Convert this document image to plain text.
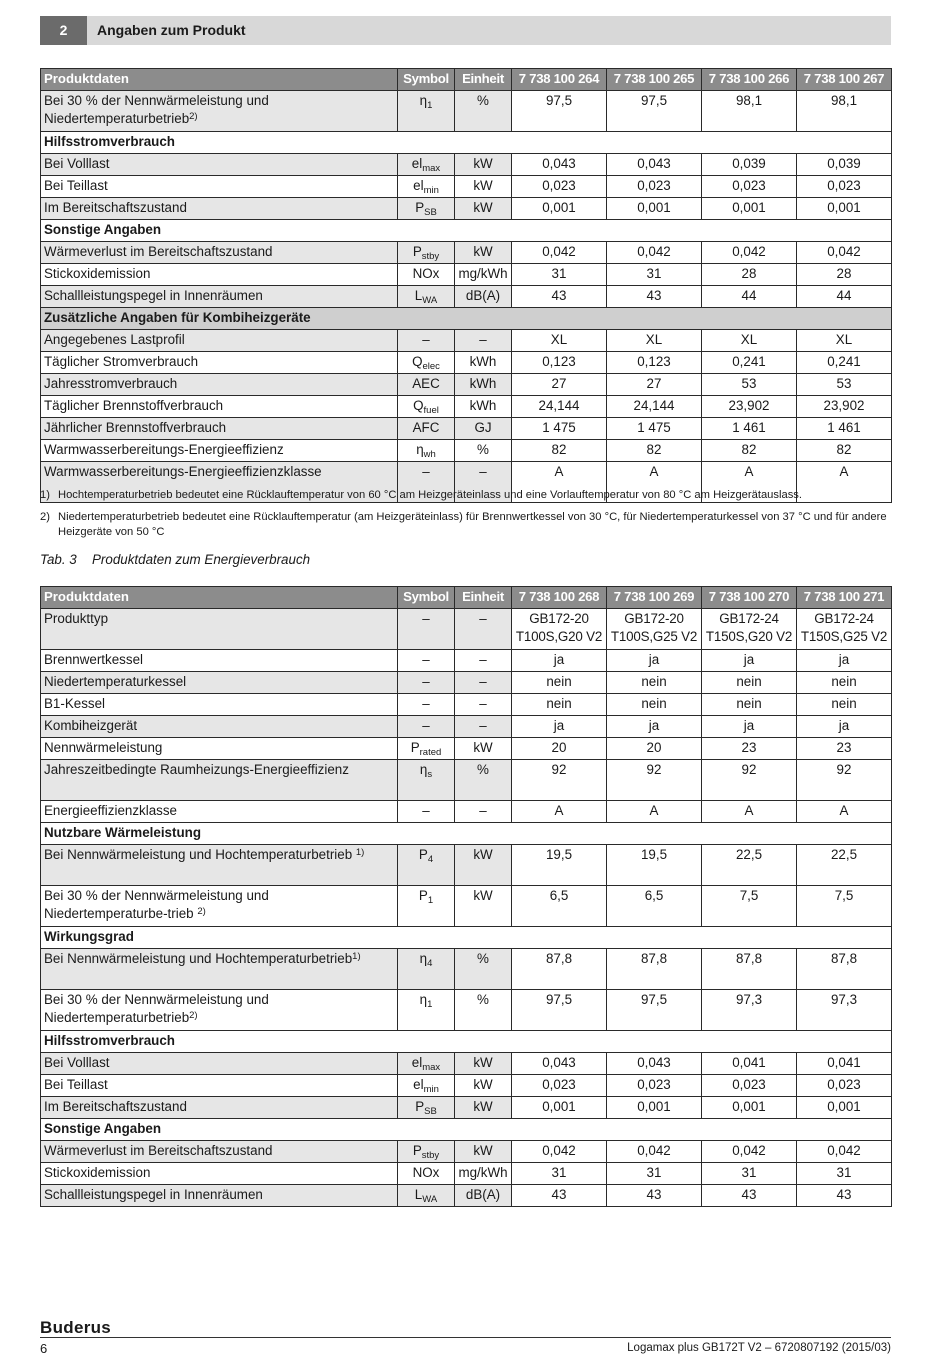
2	Angaben zum Produkt
Produktdaten	Symbol	Einheit	7 738 100 264	7 738 100 265	7 738 100 266	7 738 100 267
Bei 30 % der Nennwärmeleistung und Niedertemperaturbetrieb$^{2)}$	$\eta_1$	%	97,5	97,5	98,1	98,1
Hilfsstromverbrauch						
Bei Volllast	$el_{max}$	kW	0,043	0,043	0,039	0,039
Bei Teillast	$el_{min}$	kW	0,023	0,023	0,023	0,023
Im Bereitschaftszustand	$P_{SB}$	kW	0,001	0,001	0,001	0,001
Sonstige Angaben						
Wärmeverlust im Bereitschaftszustand	$P_{stby}$	kW	0,042	0,042	0,042	0,042
Stickoxidemission	NOx	mg/kWh	31	31	28	28
Schallleistungspegel in Innenräumen	$L_{WA}$	dB(A)	43	43	44	44
Zusätzliche Angaben für Kombiheizgeräte						
Angegebenes Lastprofil	–	–	XL	XL	XL	XL
Täglicher Stromverbrauch	$Q_{elec}$	kWh	0,123	0,123	0,241	0,241
Jahresstromverbrauch	AEC	kWh	27	27	53	53
Täglicher Brennstoffverbrauch	$Q_{fuel}$	kWh	24,144	24,144	23,902	23,902
Jährlicher Brennstoffverbrauch	AFC	GJ	1 475	1 475	1 461	1 461
Warmwasserbereitungs-Energieeffizienz	$\eta_{wh}$	%	82	82	82	82
Warmwasserbereitungs-Energieeffizienzklasse	–	–	A	A	A	A
1) Hochtemperaturbetrieb bedeutet eine Rücklauftemperatur von 60 °C am Heizgeräteinlass und eine Vorlauftemperatur von 80 °C am Heizgerätauslass.
2) Niedertemperaturbetrieb bedeutet eine Rücklauftemperatur (am Heizgeräteinlass) für Brennwertkessel von 30 °C, für Niedertemperaturkessel von 37 °C und für andere Heizgeräte von 50 °C
Tab. 3 Produktdaten zum Energieverbrauch
Produktdaten	Symbol	Einheit	7 738 100 268	7 738 100 269	7 738 100 270	7 738 100 271
Produkttyp	–	–	GB172-20 T100S,G20 V2	GB172-20 T100S,G25 V2	GB172-24 T150S,G20 V2	GB172-24 T150S,G25 V2
Brennwertkessel	–	–	ja	ja	ja	ja
Niedertemperaturkessel	–	–	nein	nein	nein	nein
B1-Kessel	–	–	nein	nein	nein	nein
Kombiheizgerät	–	–	ja	ja	ja	ja
Nennwärmeleistung	$P_{rated}$	kW	20	20	23	23
Jahreszeitbedingte Raumheizungs-Energieeffizienz	$\eta_s$	%	92	92	92	92
Energieeffizienzklasse	–	–	A	A	A	A
Nutzbare Wärmeleistung						
Bei Nennwärmeleistung und Hochtemperaturbetrieb $^{1)}$	$P_4$	kW	19,5	19,5	22,5	22,5
Bei 30 % der Nennwärmeleistung und Niedertemperaturbe-trieb $^{2)}$	$P_1$	kW	6,5	6,5	7,5	7,5
Wirkungsgrad						
Bei Nennwärmeleistung und Hochtemperaturbetrieb$^{1)}$	$\eta_4$	%	87,8	87,8	87,8	87,8
Bei 30 % der Nennwärmeleistung und Niedertemperaturbetrieb$^{2)}$	$\eta_1$	%	97,5	97,5	97,3	97,3
Hilfsstromverbrauch						
Bei Volllast	$el_{max}$	kW	0,043	0,043	0,041	0,041
Bei Teillast	$el_{min}$	kW	0,023	0,023	0,023	0,023
Im Bereitschaftszustand	$P_{SB}$	kW	0,001	0,001	0,001	0,001
Sonstige Angaben						
Wärmeverlust im Bereitschaftszustand	$P_{stby}$	kW	0,042	0,042	0,042	0,042
Stickoxidemission	NOx	mg/kWh	31	31	31	31
Schallleistungspegel in Innenräumen	$L_{WA}$	dB(A)	43	43	43	43
Buderus
6	Logamax plus GB172T V2 – 6720807192 (2015/03)
